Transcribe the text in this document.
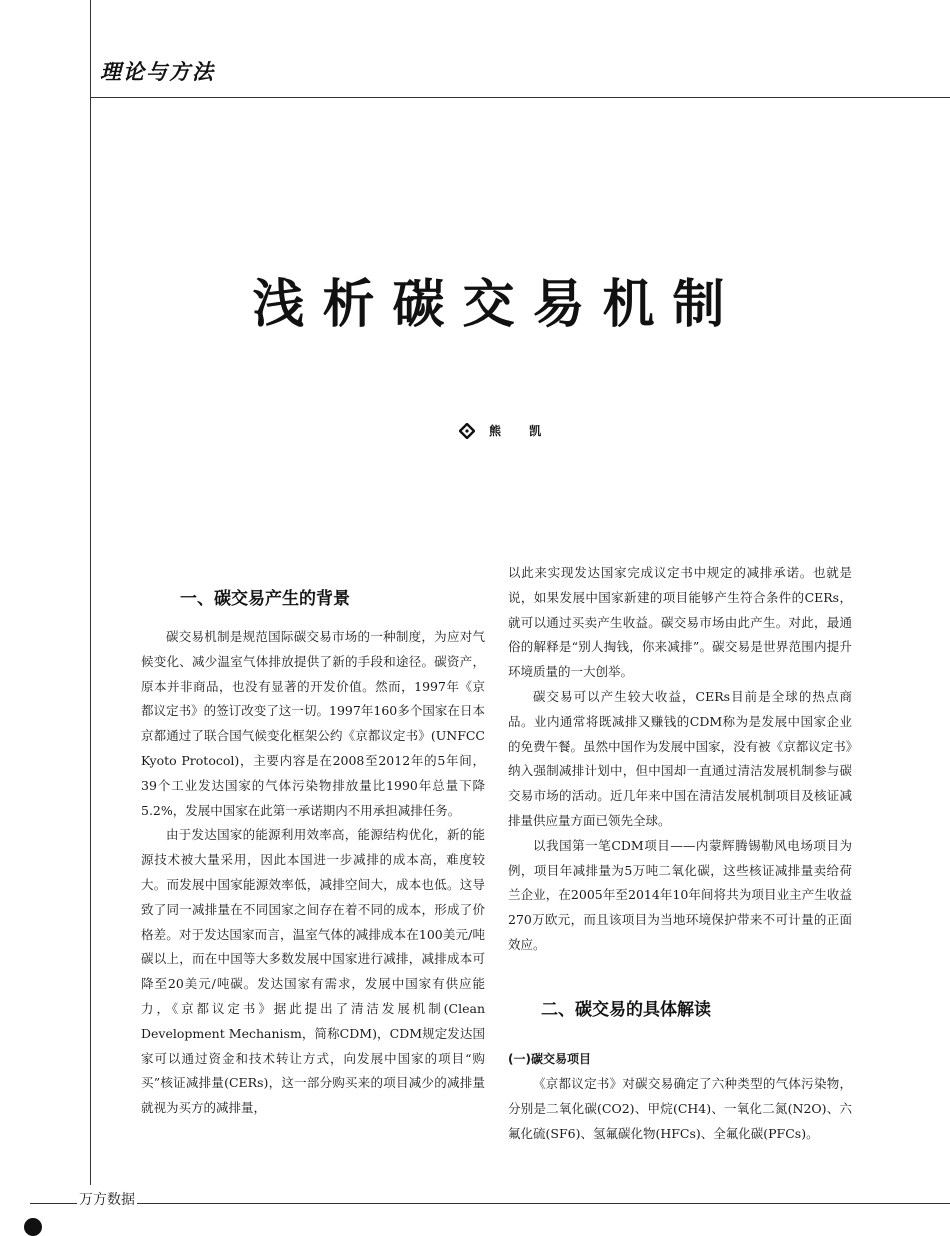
理论与方法
浅析碳交易机制
熊 凯
一、碳交易产生的背景

碳交易机制是规范国际碳交易市场的一种制度，为应对气候变化、减少温室气体排放提供了新的手段和途径。碳资产，原本并非商品，也没有显著的开发价值。然而，1997年《京都议定书》的签订改变了这一切。1997年160多个国家在日本京都通过了联合国气候变化框架公约《京都议定书》(UNFCC Kyoto Protocol)，主要内容是在2008至2012年的5年间，39个工业发达国家的气体污染物排放量比1990年总量下降5.2%，发展中国家在此第一承诺期内不用承担减排任务。

由于发达国家的能源利用效率高，能源结构优化，新的能源技术被大量采用，因此本国进一步减排的成本高，难度较大。而发展中国家能源效率低，减排空间大，成本也低。这导致了同一减排量在不同国家之间存在着不同的成本，形成了价格差。对于发达国家而言，温室气体的减排成本在100美元/吨碳以上，而在中国等大多数发展中国家进行减排，减排成本可降至20美元/吨碳。发达国家有需求，发展中国家有供应能力，《京都议定书》据此提出了清洁发展机制(Clean Development Mechanism，简称CDM)，CDM规定发达国家可以通过资金和技术转让方式，向发展中国家的项目“购买”核证减排量(CERs)，这一部分购买来的项目减少的减排量就视为买方的减排量，

以此来实现发达国家完成议定书中规定的减排承诺。也就是说，如果发展中国家新建的项目能够产生符合条件的CERs，就可以通过买卖产生收益。碳交易市场由此产生。对此，最通俗的解释是“别人掏钱，你来减排”。碳交易是世界范围内提升环境质量的一大创举。

碳交易可以产生较大收益，CERs目前是全球的热点商品。业内通常将既减排又赚钱的CDM称为是发展中国家企业的免费午餐。虽然中国作为发展中国家，没有被《京都议定书》纳入强制减排计划中，但中国却一直通过清洁发展机制参与碳交易市场的活动。近几年来中国在清洁发展机制项目及核证减排量供应量方面已领先全球。

以我国第一笔CDM项目——内蒙辉腾锡勒风电场项目为例，项目年减排量为5万吨二氧化碳，这些核证减排量卖给荷兰企业，在2005年至2014年10年间将共为项目业主产生收益270万欧元，而且该项目为当地环境保护带来不可计量的正面效应。

二、碳交易的具体解读
(一)碳交易项目

《京都议定书》对碳交易确定了六种类型的气体污染物，分别是二氧化碳(CO2)、甲烷(CH4)、一氧化二氮(N2O)、六氟化硫(SF6)、氢氟碳化物(HFCs)、全氟化碳(PFCs)。

万方数据
